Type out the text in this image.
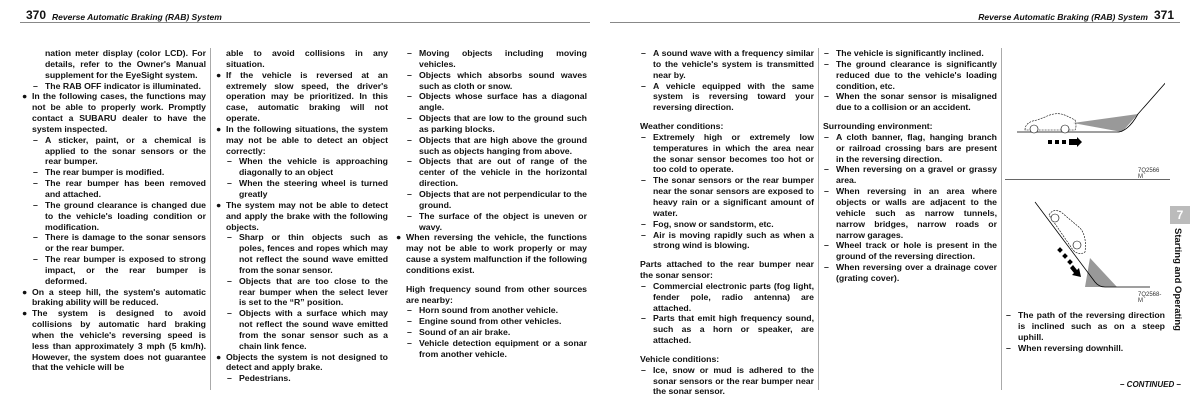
370 Reverse Automatic Braking (RAB) System	Reverse Automatic Braking (RAB) System 371
nation meter display (color LCD). For details, refer to the Owner's Manual supplement for the EyeSight system.
– The RAB OFF indicator is illuminated.
● In the following cases, the functions may not be able to properly work. Promptly contact a SUBARU dealer to have the system inspected.
– A sticker, paint, or a chemical is applied to the sonar sensors or the rear bumper.
– The rear bumper is modified.
– The rear bumper has been removed and attached.
– The ground clearance is changed due to the vehicle's loading condition or modification.
– There is damage to the sonar sensors or the rear bumper.
– The rear bumper is exposed to strong impact, or the rear bumper is deformed.
● On a steep hill, the system's automatic braking ability will be reduced.
● The system is designed to avoid collisions by automatic hard braking when the vehicle's reversing speed is less than approximately 3 mph (5 km/h). However, the system does not guarantee that the vehicle will be
able to avoid collisions in any situation.
● If the vehicle is reversed at an extremely slow speed, the driver's operation may be prioritized. In this case, automatic braking will not operate.
● In the following situations, the system may not be able to detect an object correctly:
– When the vehicle is approaching diagonally to an object
– When the steering wheel is turned greatly
● The system may not be able to detect and apply the brake with the following objects.
– Sharp or thin objects such as poles, fences and ropes which may not reflect the sound wave emitted from the sonar sensor.
– Objects that are too close to the rear bumper when the select lever is set to the “R” position.
– Objects with a surface which may not reflect the sound wave emitted from the sonar sensor such as a chain link fence.
● Objects the system is not designed to detect and apply brake.
– Pedestrians.
– Moving objects including moving vehicles.
– Objects which absorbs sound waves such as cloth or snow.
– Objects whose surface has a diagonal angle.
– Objects that are low to the ground such as parking blocks.
– Objects that are high above the ground such as objects hanging from above.
– Objects that are out of range of the center of the vehicle in the horizontal direction.
– Objects that are not perpendicular to the ground.
– The surface of the object is uneven or wavy.
● When reversing the vehicle, the functions may not be able to work properly or may cause a system malfunction if the following conditions exist.
High frequency sound from other sources are nearby:
– Horn sound from another vehicle.
– Engine sound from other vehicles.
– Sound of an air brake.
– Vehicle detection equipment or a sonar from another vehicle.
– A sound wave with a frequency similar to the vehicle's system is transmitted near by.
– A vehicle equipped with the same system is reversing toward your reversing direction.
Weather conditions:
– Extremely high or extremely low temperatures in which the area near the sonar sensor becomes too hot or too cold to operate.
– The sonar sensors or the rear bumper near the sonar sensors are exposed to heavy rain or a significant amount of water.
– Fog, snow or sandstorm, etc.
– Air is moving rapidly such as when a strong wind is blowing.
Parts attached to the rear bumper near the sonar sensor:
– Commercial electronic parts (fog light, fender pole, radio antenna) are attached.
– Parts that emit high frequency sound, such as a horn or speaker, are attached.
Vehicle conditions:
– Ice, snow or mud is adhered to the sonar sensors or the rear bumper near the sonar sensor.
– The vehicle is significantly inclined.
– The ground clearance is significantly reduced due to the vehicle's loading condition, etc.
– When the sonar sensor is misaligned due to a collision or an accident.
Surrounding environment:
– A cloth banner, flag, hanging branch or railroad crossing bars are present in the reversing direction.
– When reversing on a gravel or grassy area.
– When reversing in an area where objects or walls are adjacent to the vehicle such as narrow tunnels, narrow bridges, narrow roads or narrow garages.
– Wheel track or hole is present in the ground of the reversing direction.
– When reversing over a drainage cover (grating cover).
– The path of the reversing direction is inclined such as on a steep uphill.
– When reversing downhill.
7Q2566 M
7Q2568-M
7
Starting and Operating
– CONTINUED –
